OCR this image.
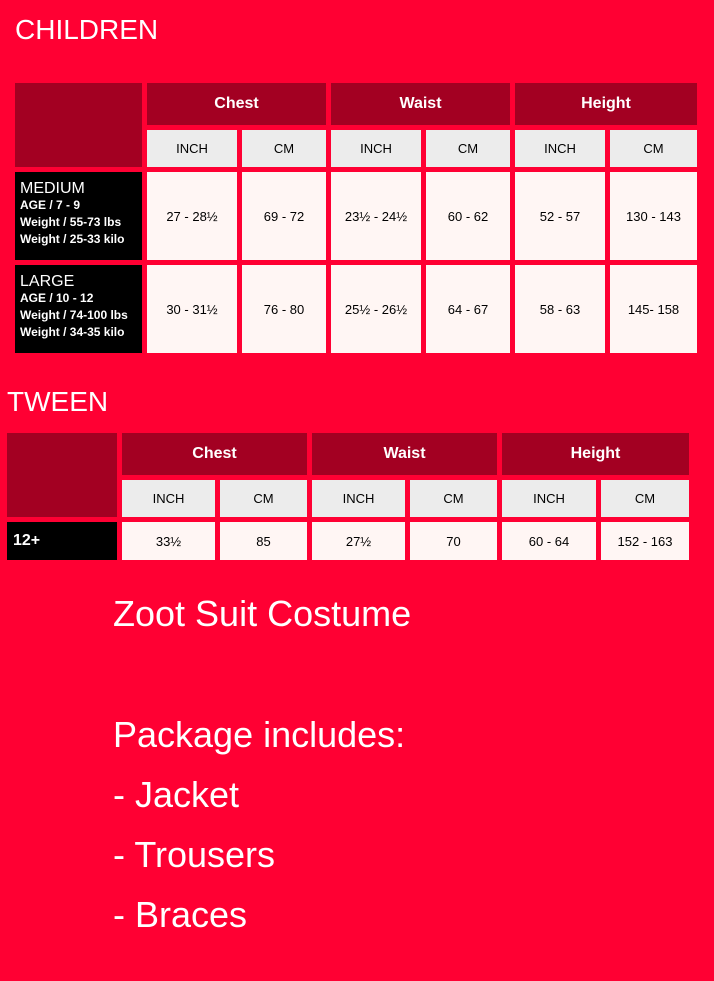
CHILDREN
Chest	Waist	Height
INCH	CM	INCH	CM	INCH	CM
MEDIUM
AGE / 7 - 9
Weight / 55-73 lbs
Weight / 25-33 kilo
27 - 28½	69 - 72	23½ - 24½	60 - 62	52 - 57	130 - 143
LARGE
AGE / 10 - 12
Weight / 74-100 lbs
Weight / 34-35 kilo
30 - 31½	76 - 80	25½ - 26½	64 - 67	58 - 63	145- 158
TWEEN
Chest	Waist	Height
INCH	CM	INCH	CM	INCH	CM
12+	33½	85	27½	70	60 - 64	152 - 163

Zoot Suit Costume

Package includes:

- Jacket

- Trousers

- Braces
